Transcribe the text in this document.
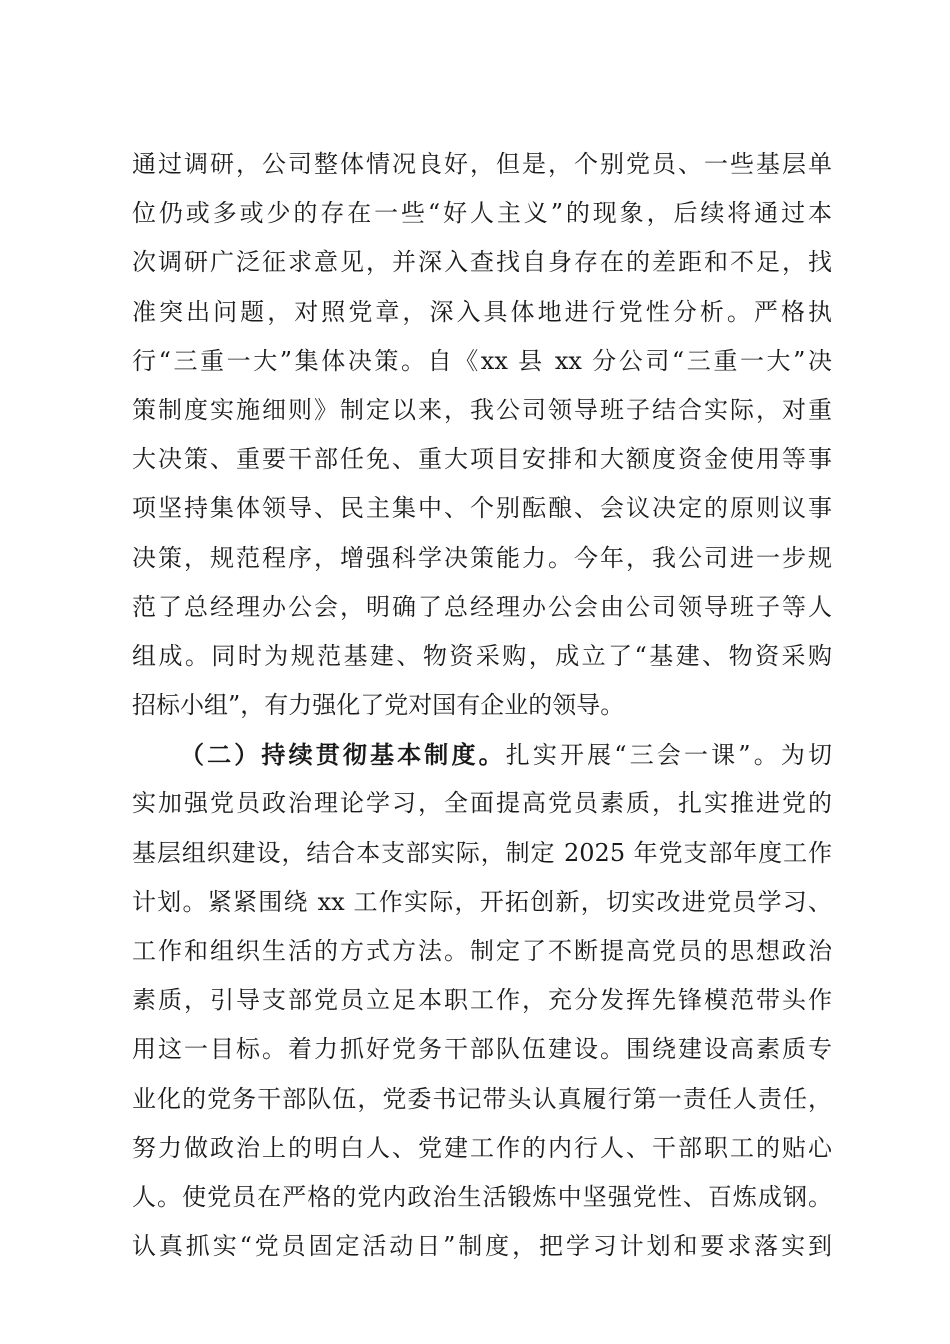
通过调研，公司整体情况良好，但是，个别党员、一些基层单
位仍或多或少的存在一些“好人主义”的现象，后续将通过本
次调研广泛征求意见，并深入查找自身存在的差距和不足，找
准突出问题，对照党章，深入具体地进行党性分析。严格执
行“三重一大”集体决策。自《xx 县 xx 分公司“三重一大”决
策制度实施细则》制定以来，我公司领导班子结合实际，对重
大决策、重要干部任免、重大项目安排和大额度资金使用等事
项坚持集体领导、民主集中、个别酝酿、会议决定的原则议事
决策，规范程序，增强科学决策能力。今年，我公司进一步规
范了总经理办公会，明确了总经理办公会由公司领导班子等人
组成。同时为规范基建、物资采购，成立了“基建、物资采购
招标小组”，有力强化了党对国有企业的领导。
（二）持续贯彻基本制度。扎实开展“三会一课”。为切
实加强党员政治理论学习，全面提高党员素质，扎实推进党的
基层组织建设，结合本支部实际，制定 2025 年党支部年度工作
计划。紧紧围绕 xx 工作实际，开拓创新，切实改进党员学习、
工作和组织生活的方式方法。制定了不断提高党员的思想政治
素质，引导支部党员立足本职工作，充分发挥先锋模范带头作
用这一目标。着力抓好党务干部队伍建设。围绕建设高素质专
业化的党务干部队伍，党委书记带头认真履行第一责任人责任，
努力做政治上的明白人、党建工作的内行人、干部职工的贴心
人。使党员在严格的党内政治生活锻炼中坚强党性、百炼成钢。
认真抓实“党员固定活动日”制度，把学习计划和要求落实到
